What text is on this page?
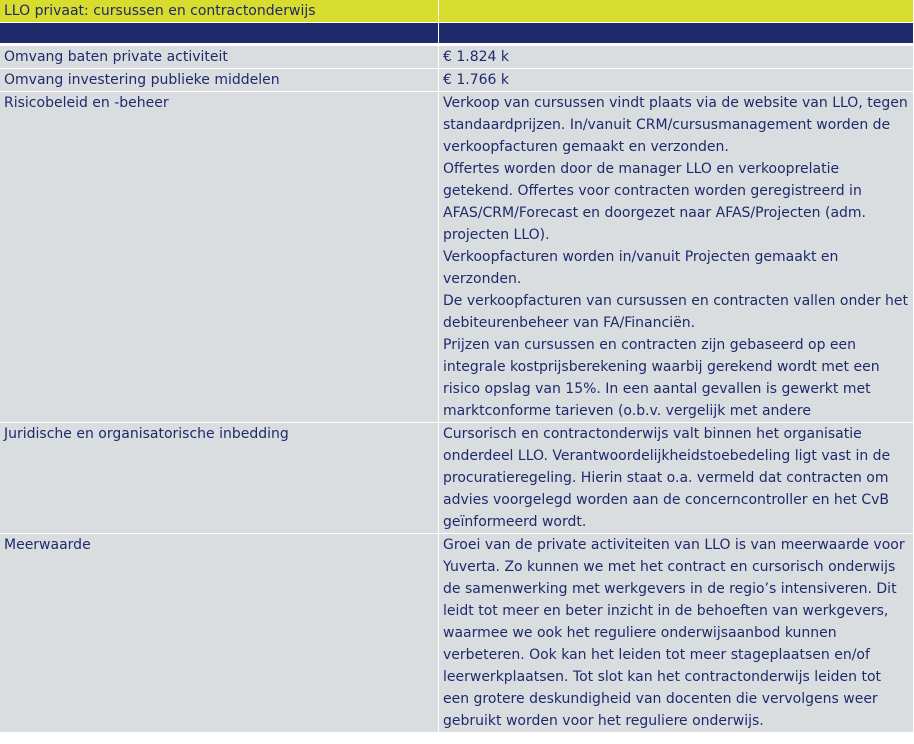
LLO privaat: cursussen en contractonderwijs	

Omvang baten private activiteit	€ 1.824 k

Omvang investering publieke middelen	€ 1.766 k

Risicobeleid en -beheer	Verkoop van cursussen vindt plaats via de website van LLO, tegen standaardprijzen. In/vanuit CRM/cursusmanagement worden de verkoopfacturen gemaakt en verzonden.
Offertes worden door de manager LLO en verkooprelatie getekend. Offertes voor contracten worden geregistreerd in AFAS/CRM/Forecast en doorgezet naar AFAS/Projecten (adm. projecten LLO).
Verkoopfacturen worden in/vanuit Projecten gemaakt en verzonden.
De verkoopfacturen van cursussen en contracten vallen onder het debiteurenbeheer van FA/Financiën.
Prijzen van cursussen en contracten zijn gebaseerd op een integrale kostprijsberekening waarbij gerekend wordt met een risico opslag van 15%. In een aantal gevallen is gewerkt met marktconforme tarieven (o.b.v. vergelijk met andere

Juridische en organisatorische inbedding	Cursorisch en contractonderwijs valt binnen het organisatie onderdeel LLO. Verantwoordelijkheidstoebedeling ligt vast in de procuratieregeling. Hierin staat o.a. vermeld dat contracten om advies voorgelegd worden aan de concerncontroller en het CvB geïnformeerd wordt.

Meerwaarde	Groei van de private activiteiten van LLO is van meerwaarde voor Yuverta. Zo kunnen we met het contract en cursorisch onderwijs de samenwerking met werkgevers in de regio’s intensiveren. Dit leidt tot meer en beter inzicht in de behoeften van werkgevers, waarmee we ook het reguliere onderwijsaanbod kunnen verbeteren. Ook kan het leiden tot meer stageplaatsen en/of leerwerkplaatsen. Tot slot kan het contractonderwijs leiden tot een grotere deskundigheid van docenten die vervolgens weer gebruikt worden voor het reguliere onderwijs.
